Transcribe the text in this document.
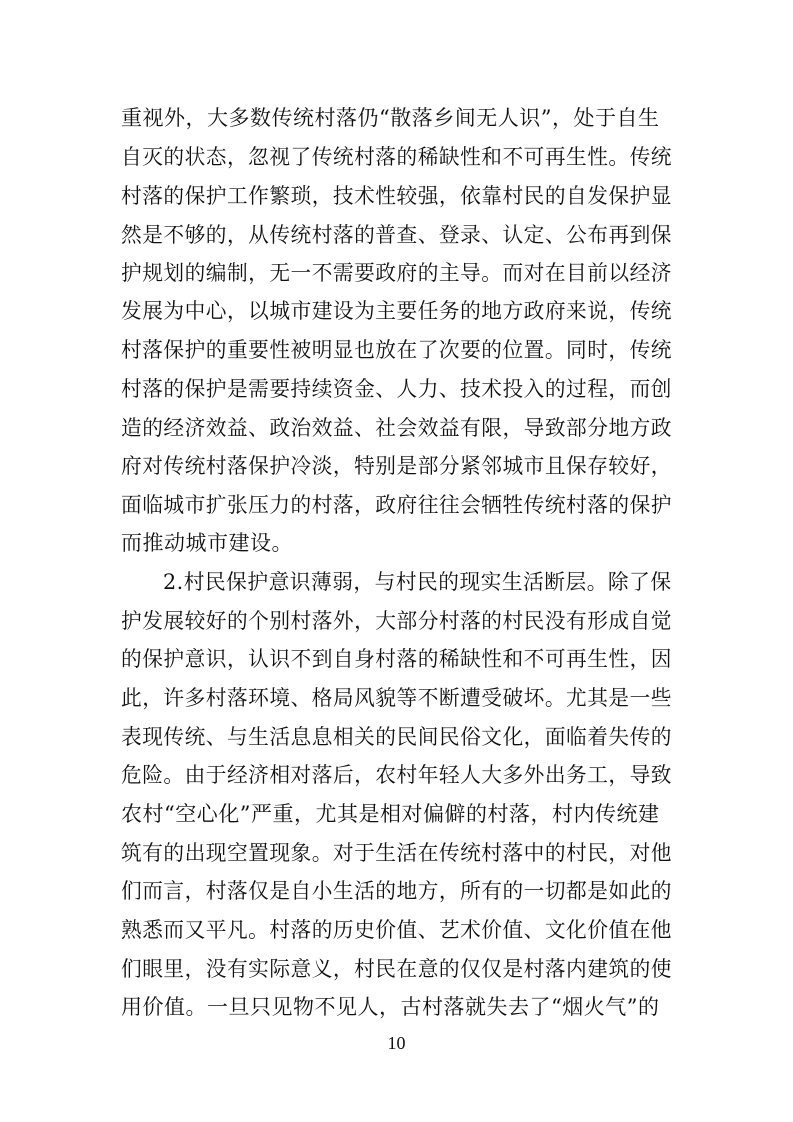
重视外，大多数传统村落仍“散落乡间无人识”，处于自生
自灭的状态，忽视了传统村落的稀缺性和不可再生性。传统
村落的保护工作繁琐，技术性较强，依靠村民的自发保护显
然是不够的，从传统村落的普查、登录、认定、公布再到保
护规划的编制，无一不需要政府的主导。而对在目前以经济
发展为中心，以城市建设为主要任务的地方政府来说，传统
村落保护的重要性被明显也放在了次要的位置。同时，传统
村落的保护是需要持续资金、人力、技术投入的过程，而创
造的经济效益、政治效益、社会效益有限，导致部分地方政
府对传统村落保护冷淡，特别是部分紧邻城市且保存较好，
面临城市扩张压力的村落，政府往往会牺牲传统村落的保护
而推动城市建设。
2.村民保护意识薄弱，与村民的现实生活断层。除了保
护发展较好的个别村落外，大部分村落的村民没有形成自觉
的保护意识，认识不到自身村落的稀缺性和不可再生性，因
此，许多村落环境、格局风貌等不断遭受破坏。尤其是一些
表现传统、与生活息息相关的民间民俗文化，面临着失传的
危险。由于经济相对落后，农村年轻人大多外出务工，导致
农村“空心化”严重，尤其是相对偏僻的村落，村内传统建
筑有的出现空置现象。对于生活在传统村落中的村民，对他
们而言，村落仅是自小生活的地方，所有的一切都是如此的
熟悉而又平凡。村落的历史价值、艺术价值、文化价值在他
们眼里，没有实际意义，村民在意的仅仅是村落内建筑的使
用价值。一旦只见物不见人，古村落就失去了“烟火气”的
10
